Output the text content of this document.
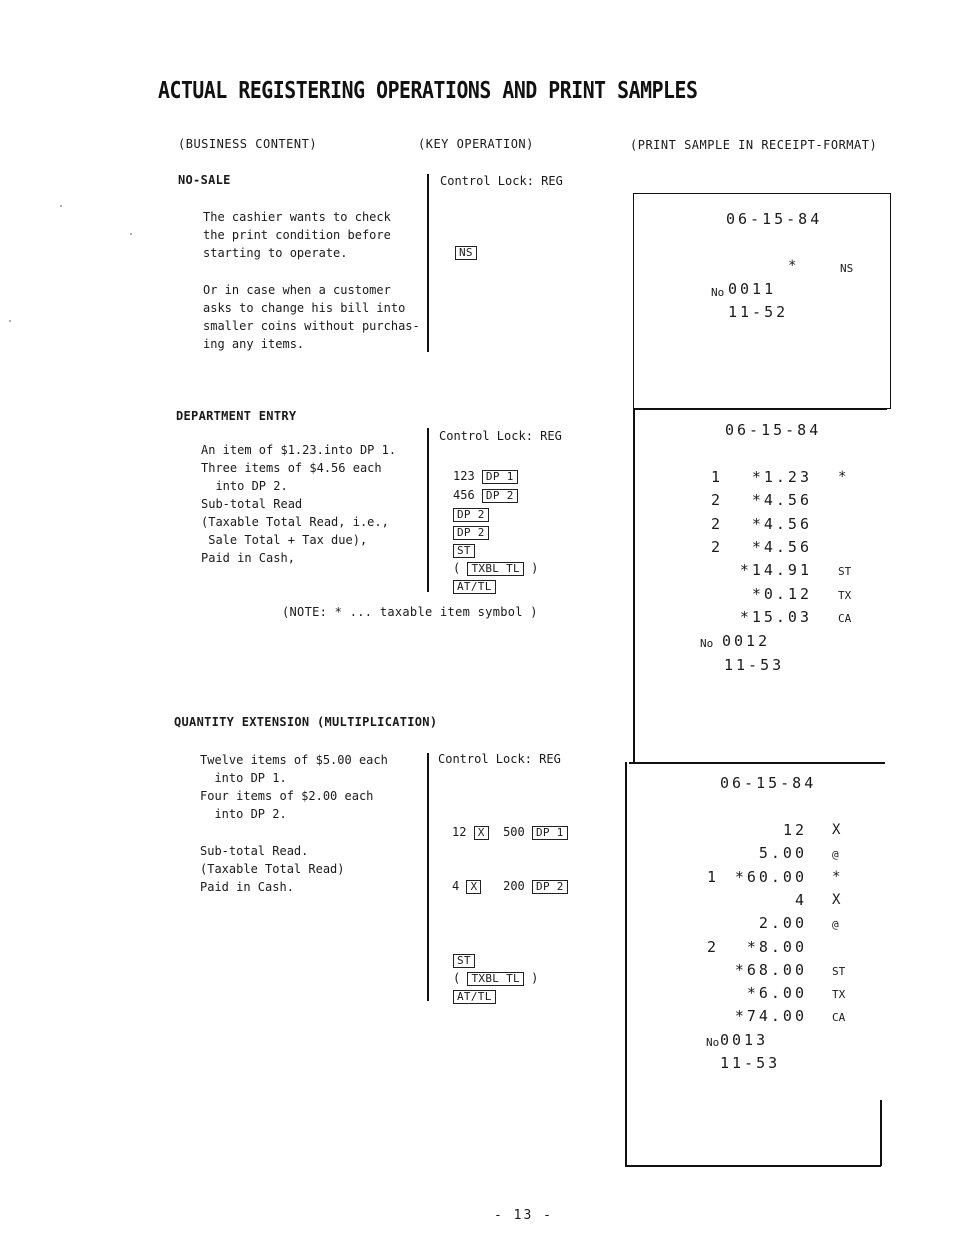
ACTUAL REGISTERING OPERATIONS AND PRINT SAMPLES
(BUSINESS CONTENT)	(KEY OPERATION)	(PRINT SAMPLE IN RECEIPT-FORMAT)
NO-SALE
The cashier wants to check
the print condition before
starting to operate.
Or in case when a customer
asks to change his bill into
smaller coins without purchas-
ing any items.
Control Lock: REG
NS
06-15-84
*	NS
No 0011
11-52
DEPARTMENT ENTRY
An item of $1.23.into DP 1.
Three items of $4.56 each
into DP 2.
Sub-total Read
(Taxable Total Read, i.e.,
Sale Total + Tax due),
Paid in Cash,
Control Lock: REG
123 DP 1
456 DP 2
DP 2
DP 2
ST
( TXBL TL )
AT/TL
(NOTE: * ... taxable item symbol )
06-15-84
1 *1.23 *
2 *4.56
2 *4.56
2 *4.56
*14.91 ST
*0.12 TX
*15.03 CA
No 0012
11-53
QUANTITY EXTENSION (MULTIPLICATION)
Twelve items of $5.00 each
into DP 1.
Four items of $2.00 each
into DP 2.
Sub-total Read.
(Taxable Total Read)
Paid in Cash.
Control Lock: REG
12 X 500 DP 1
4 X 200 DP 2
ST
( TXBL TL )
AT/TL
06-15-84
12 X
5.00 @
1 *60.00 *
4 X
2.00 @
2 *8.00
*68.00 ST
*6.00 TX
*74.00 CA
No 0013
11-53
- 13 -
